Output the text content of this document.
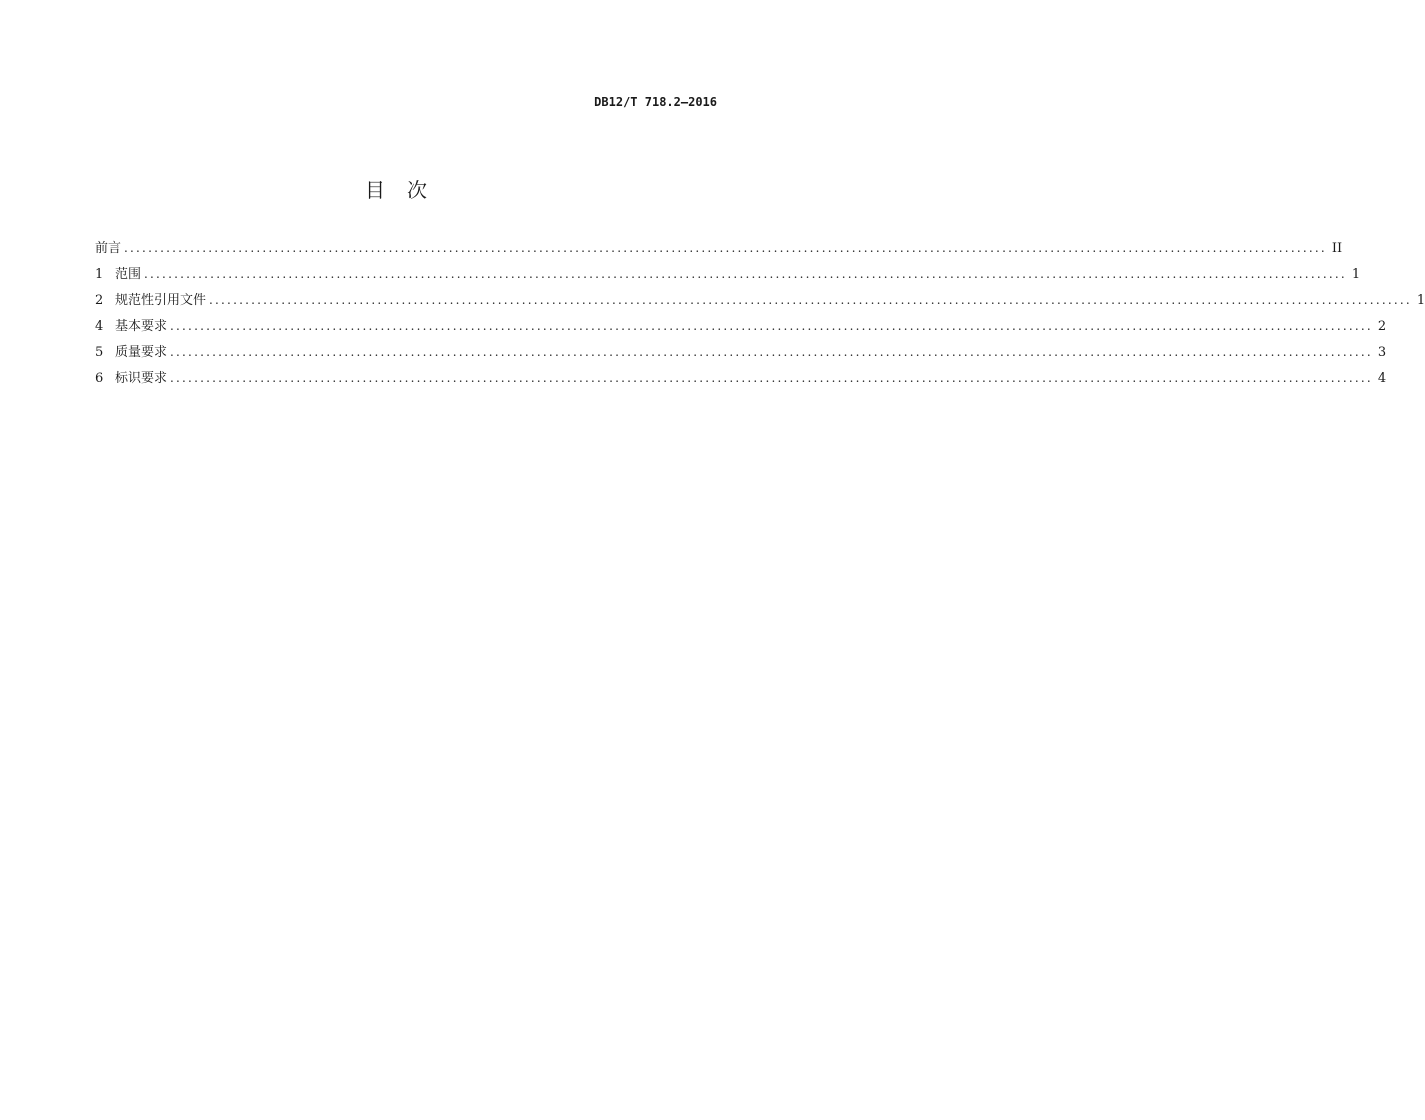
DB12/T 718.2—2016
目 次
前言 ........................................................................................................................................................................................................ II
1 范围 ........................................................................................................................................................................................................ 1
2 规范性引用文件 ........................................................................................................................................................................................................ 1
4 基本要求 ........................................................................................................................................................................................................ 2
5 质量要求 ........................................................................................................................................................................................................ 3
6 标识要求 ........................................................................................................................................................................................................ 4
